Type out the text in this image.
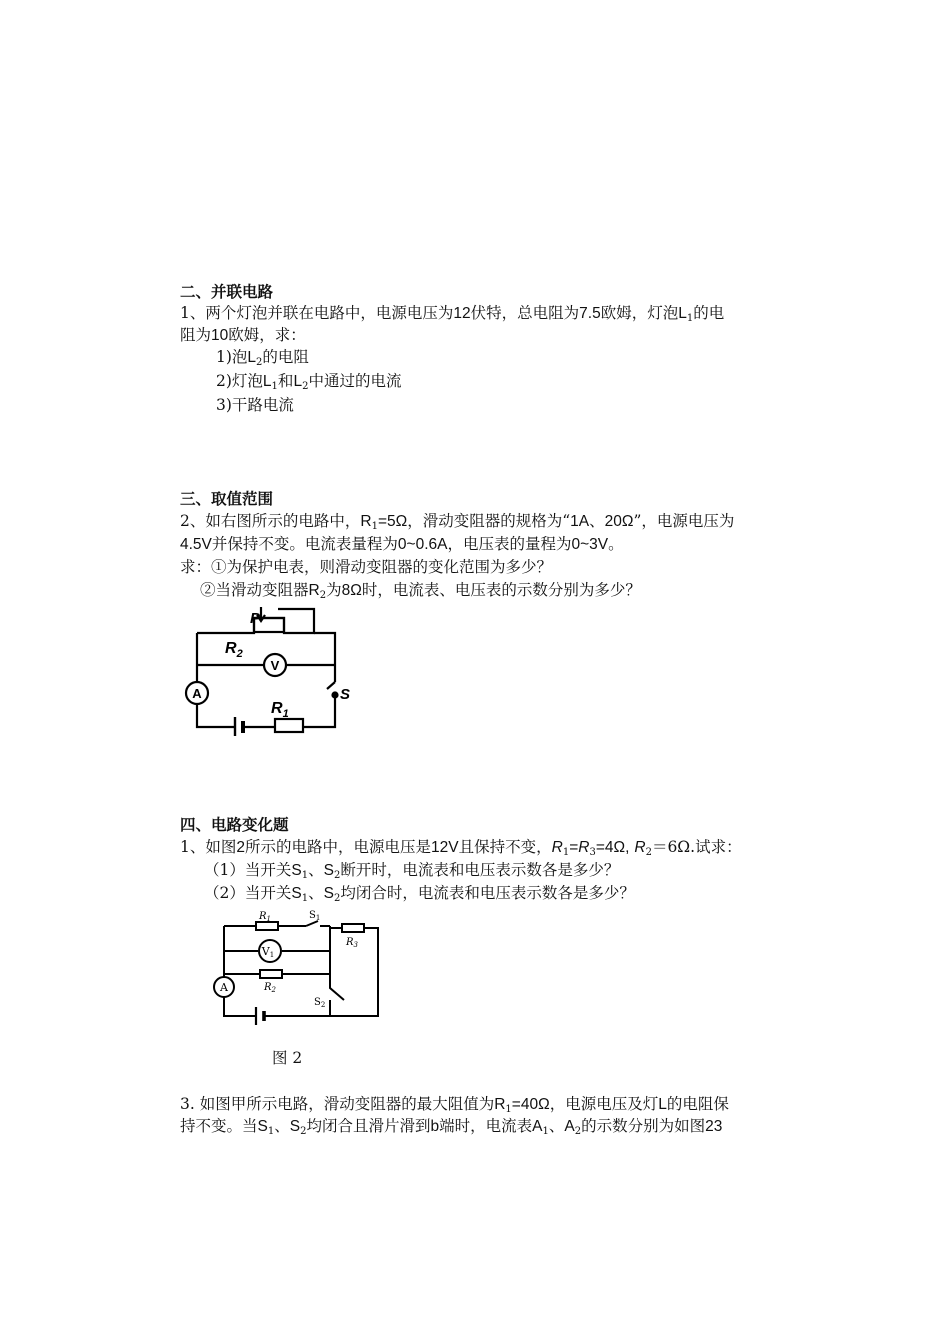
二、并联电路
1、两个灯泡并联在电路中，电源电压为12伏特，总电阻为7.5欧姆，灯泡$L_1$的电
阻为10欧姆，求：
1)泡$L_2$的电阻
2)灯泡$L_1$和$L_2$中通过的电流
3)干路电流
三、取值范围
2、如右图所示的电路中，$R_1=5\Omega$，滑动变阻器的规格为“1A、20Ω”，电源电压为
4.5V并保持不变。电流表量程为0~0.6A，电压表的量程为0~3V。
求：①为保护电表，则滑动变阻器的变化范围为多少？
②当滑动变阻器$R_2$为8Ω时，电流表、电压表的示数分别为多少？
V
A
P
$R_2$
$R_1$
S
四、电路变化题
1、如图2所示的电路中，电源电压是12V且保持不变，$R_1=R_3=4\Omega$, $R_2=6\Omega$.试求：
（1）当开关$S_1$、$S_2$断开时，电流表和电压表示数各是多少？
（2）当开关$S_1$、$S_2$均闭合时，电流表和电压表示数各是多少？
V1
A
$R_1$	$S_1$
$R_3$
$R_2$
$S_2$
图 2
3. 如图甲所示电路，滑动变阻器的最大阻值为$R_1=40\Omega$，电源电压及灯L的电阻保
持不变。当$S_1$、$S_2$均闭合且滑片滑到b端时，电流表$A_1$、$A_2$的示数分别为如图23
